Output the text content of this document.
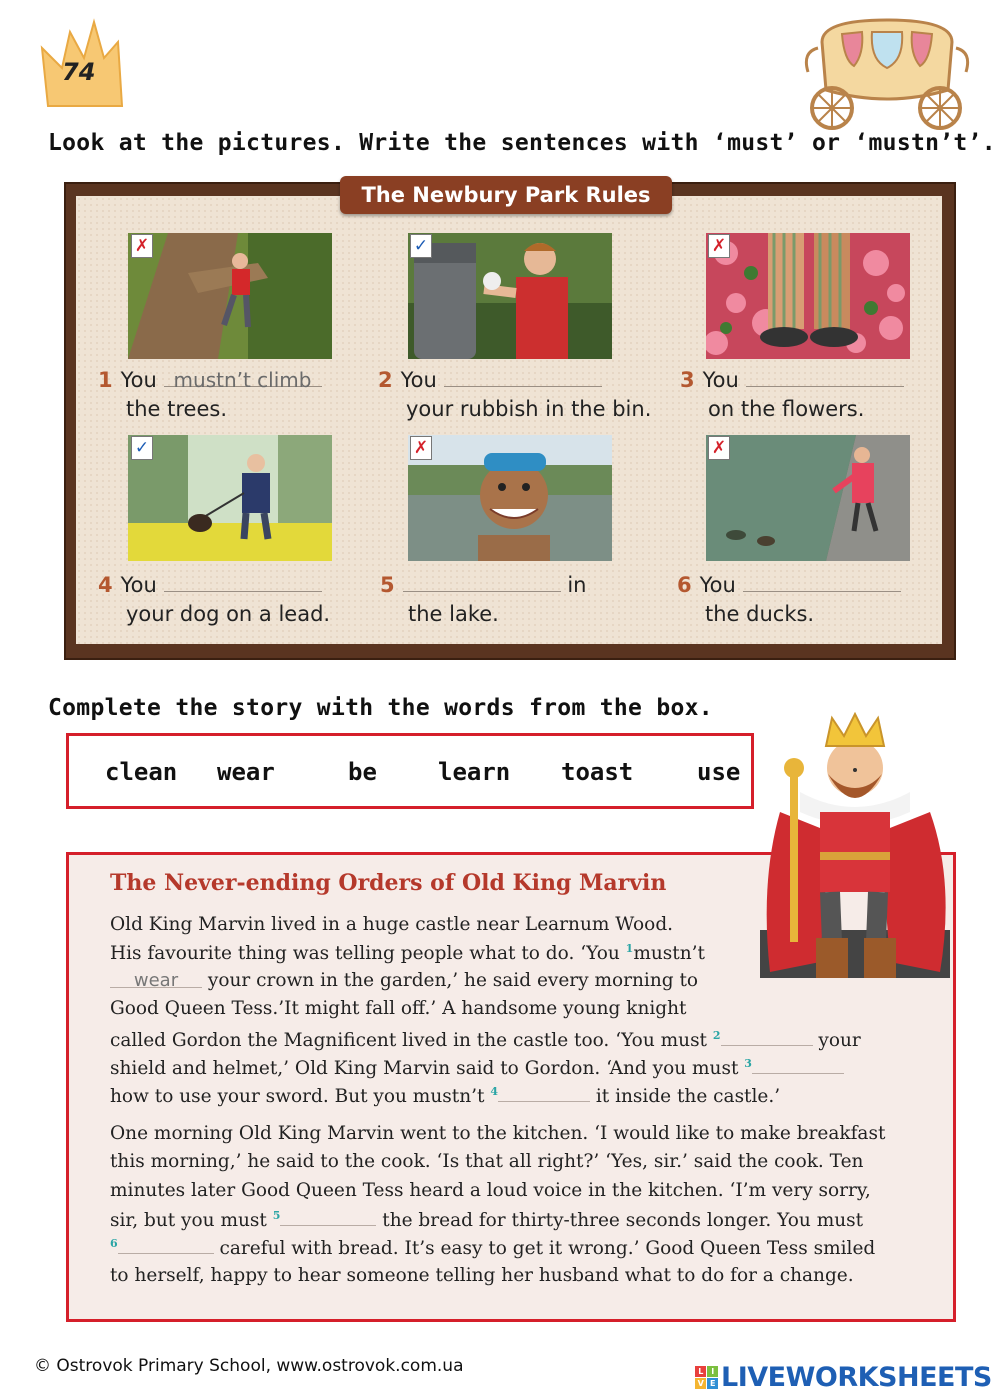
74
Look at the pictures. Write the sentences with ‘must’ or ‘mustn’t’.
The Newbury Park Rules
✗	✓	✗
✓	✗	✗
1 You mustn’t climb
the trees.
2 You
your rubbish in the bin.
3 You
on the flowers.
4 You
your dog on a lead.
5	in
the lake.
6 You
the ducks.
Complete the story with the words from the box.
clean wear	be	learn toast	use
The Never-ending Orders of Old King Marvin
Old King Marvin lived in a huge castle near Learnum Wood.
His favourite thing was telling people what to do. ‘You $^1$mustn’t
wear your crown in the garden,’ he said every morning to
Good Queen Tess.’It might fall off.’ A handsome young knight
called Gordon the Magnificent lived in the castle too. ‘You must $^2$	your
shield and helmet,’ Old King Marvin said to Gordon. ‘And you must $^3$
how to use your sword. But you mustn’t $^4$	it inside the castle.’
One morning Old King Marvin went to the kitchen. ‘I would like to make breakfast
this morning,’ he said to the cook. ‘Is that all right?’ ‘Yes, sir.’ said the cook. Ten
minutes later Good Queen Tess heard a loud voice in the kitchen. ‘I’m very sorry,
sir, but you must $^5$	the bread for thirty-three seconds longer. You must
$^6$	careful with bread. It’s easy to get it wrong.’ Good Queen Tess smiled
to herself, happy to hear someone telling her husband what to do for a change.
© Ostrovok Primary School, www.ostrovok.com.ua	L	I
V E LIVEWORKSHEETS
